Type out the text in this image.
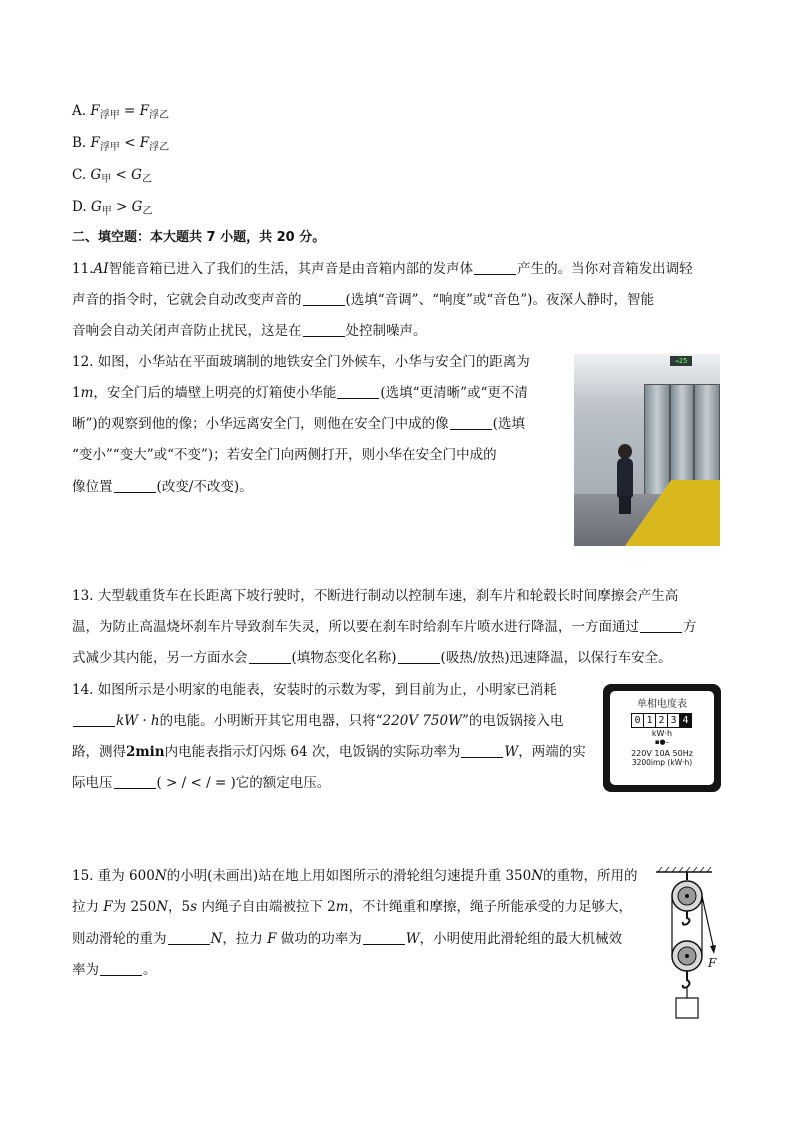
A. $F_{浮甲} = F_{浮乙}$
B. $F_{浮甲} < F_{浮乙}$
C. $G_甲 < G_乙$
D. $G_甲 > G_乙$
二、填空题：本大题共 7 小题，共 20 分。
11.AI智能音箱已进入了我们的生活，其声音是由音箱内部的发声体	产生的。当你对音箱发出调轻
声音的指令时，它就会自动改变声音的	(选填“音调”、“响度”或“音色”)。夜深人静时，智能
音响会自动关闭声音防止扰民，这是在	处控制噪声。
12. 如图，小华站在平面玻璃制的地铁安全门外候车，小华与安全门的距离为
1m，安全门后的墙壁上明亮的灯箱使小华能	(选填“更清晰”或“更不清
晰”)的观察到他的像；小华远离安全门，则他在安全门中成的像	(选填
“变小”“变大”或“不变”)；若安全门向两侧打开，则小华在安全门中成的
像位置	(改变/不改变)。
→25
13. 大型载重货车在长距离下坡行驶时，不断进行制动以控制车速，刹车片和轮毂长时间摩擦会产生高
温，为防止高温烧坏刹车片导致刹车失灵，所以要在刹车时给刹车片喷水进行降温，一方面通过	方
式减少其内能，另一方面水会	(填物态变化名称)	(吸热/放热)迅速降温，以保行车安全。
14. 如图所示是小明家的电能表，安装时的示数为零，到目前为止，小明家已消耗
kW · h的电能。小明断开其它用电器，只将“220V 750W”的电饭锅接入电
路，测得2min内电能表指示灯闪烁 64 次，电饭锅的实际功率为	W，两端的实
际电压	( > / < / = )它的额定电压。
单相电度表
0 1 2 3 4
kW·h
▪●–
220V 10A 50Hz
3200imp (kW·h)
15. 重为 600N的小明(未画出)站在地上用如图所示的滑轮组匀速提升重 350N的重物，所用的
拉力 F为 250N，5s 内绳子自由端被拉下 2m，不计绳重和摩擦，绳子所能承受的力足够大，
则动滑轮的重为	N，拉力 F 做功的功率为	W，小明使用此滑轮组的最大机械效
率为	。	F
